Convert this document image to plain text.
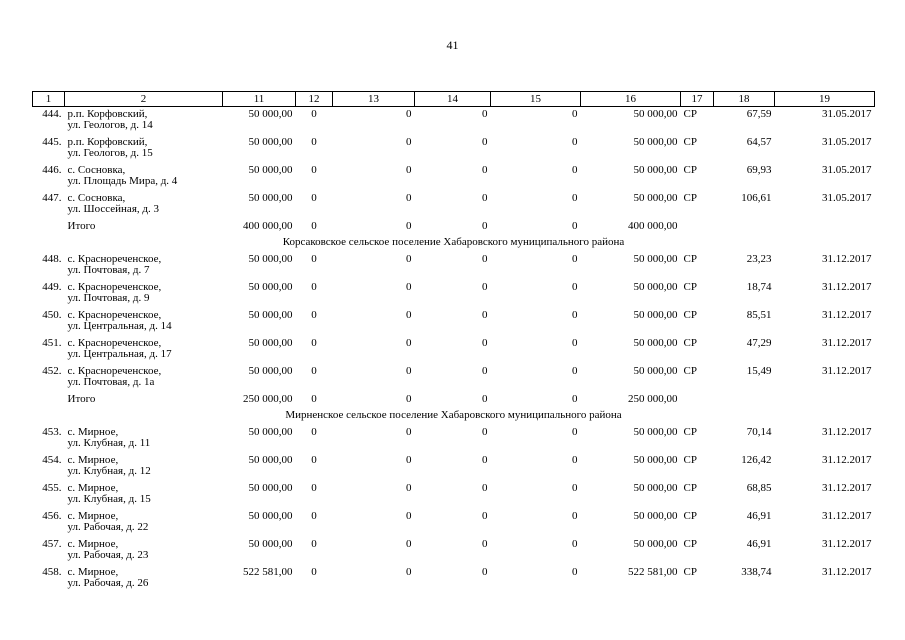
41
1	2	11	12	13	14	15	16	17	18	19
444.	р.п. Корфовский,
ул. Геологов, д. 14	50 000,00	0	0	0	0	50 000,00	СР	67,59	31.05.2017
445.	р.п. Корфовский,
ул. Геологов, д. 15	50 000,00	0	0	0	0	50 000,00	СР	64,57	31.05.2017
446.	с. Сосновка,
ул. Площадь Мира, д. 4	50 000,00	0	0	0	0	50 000,00	СР	69,93	31.05.2017
447.	с. Сосновка,
ул. Шоссейная, д. 3	50 000,00	0	0	0	0	50 000,00	СР	106,61	31.05.2017
	Итого	400 000,00	0	0	0	0	400 000,00			
Корсаковское сельское поселение Хабаровского муниципального района										
448.	с. Краснореченское,
ул. Почтовая, д. 7	50 000,00	0	0	0	0	50 000,00	СР	23,23	31.12.2017
449.	с. Краснореченское,
ул. Почтовая, д. 9	50 000,00	0	0	0	0	50 000,00	СР	18,74	31.12.2017
450.	с. Краснореченское,
ул. Центральная, д. 14	50 000,00	0	0	0	0	50 000,00	СР	85,51	31.12.2017
451.	с. Краснореченское,
ул. Центральная, д. 17	50 000,00	0	0	0	0	50 000,00	СР	47,29	31.12.2017
452.	с. Краснореченское,
ул. Почтовая, д. 1а	50 000,00	0	0	0	0	50 000,00	СР	15,49	31.12.2017
	Итого	250 000,00	0	0	0	0	250 000,00			
Мирненское сельское поселение Хабаровского муниципального района										
453.	с. Мирное,
ул. Клубная, д. 11	50 000,00	0	0	0	0	50 000,00	СР	70,14	31.12.2017
454.	с. Мирное,
ул. Клубная, д. 12	50 000,00	0	0	0	0	50 000,00	СР	126,42	31.12.2017
455.	с. Мирное,
ул. Клубная, д. 15	50 000,00	0	0	0	0	50 000,00	СР	68,85	31.12.2017
456.	с. Мирное,
ул. Рабочая, д. 22	50 000,00	0	0	0	0	50 000,00	СР	46,91	31.12.2017
457.	с. Мирное,
ул. Рабочая, д. 23	50 000,00	0	0	0	0	50 000,00	СР	46,91	31.12.2017
458.	с. Мирное,
ул. Рабочая, д. 26	522 581,00	0	0	0	0	522 581,00	СР	338,74	31.12.2017
